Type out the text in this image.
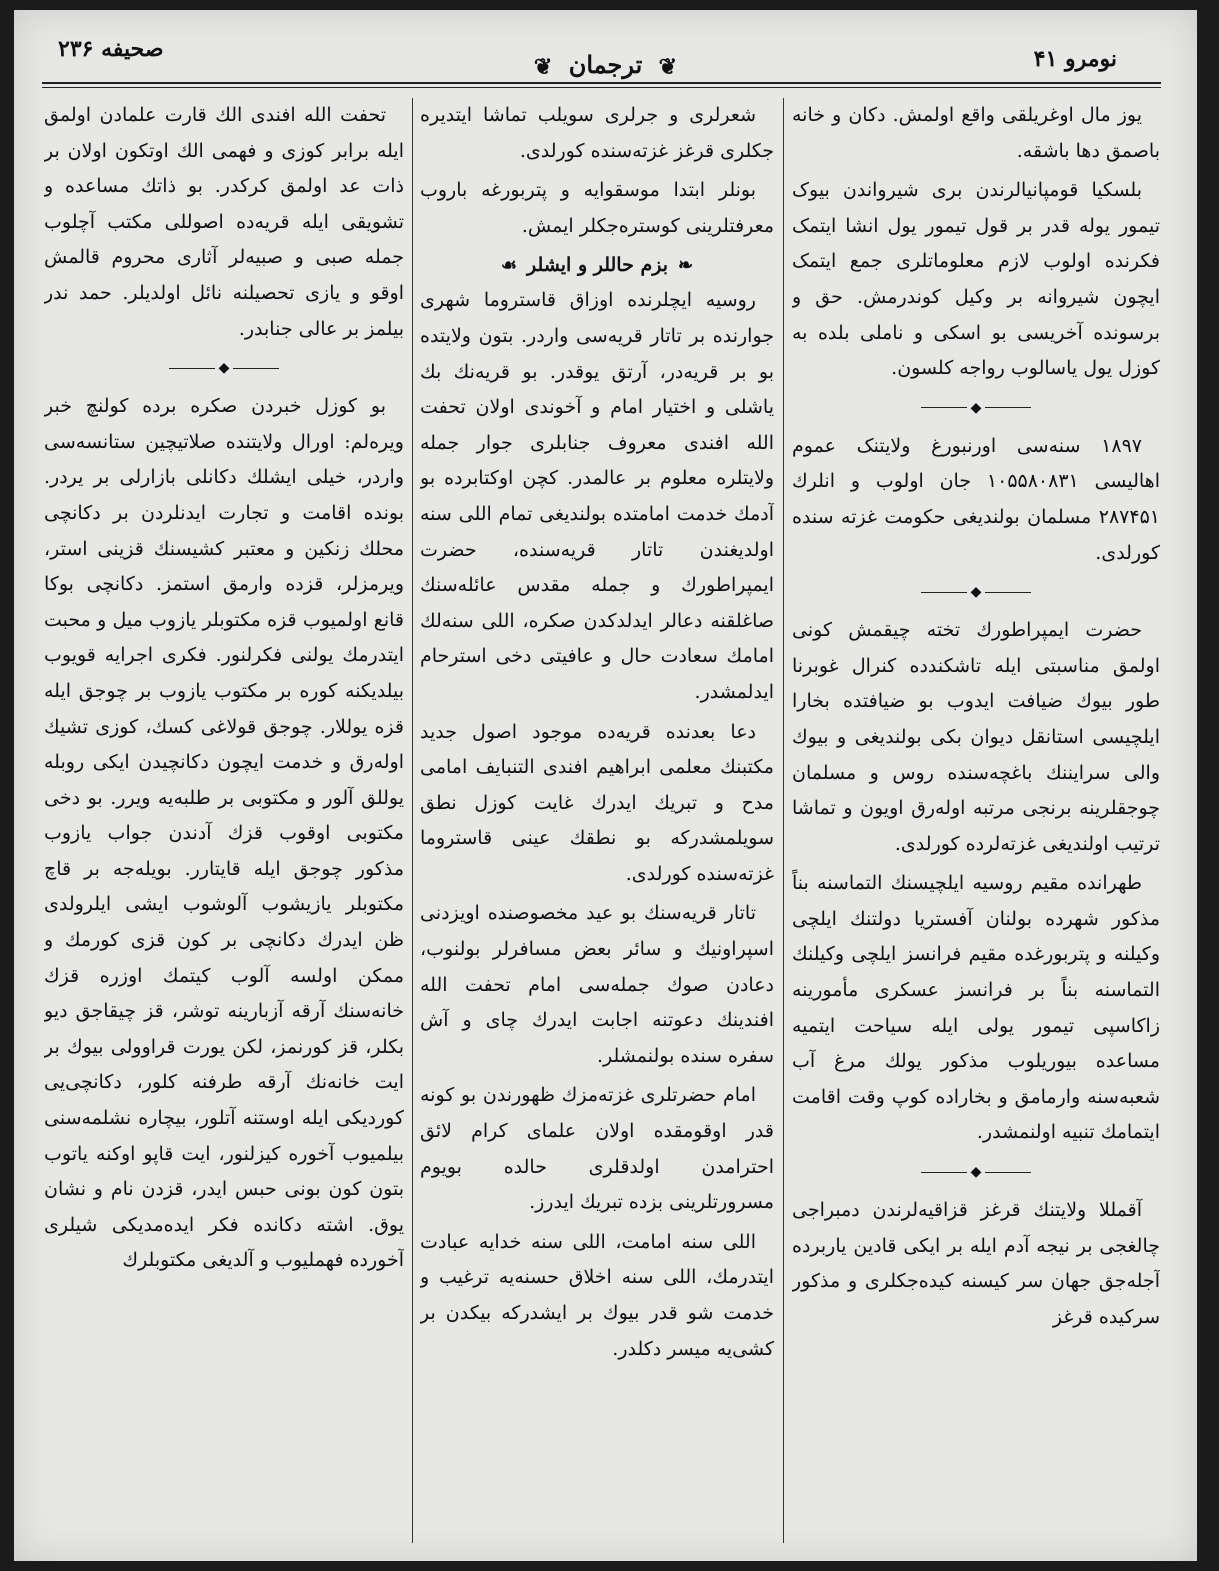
نومرو ۴۱
❦ ترجمان ❦
صحيفه ۲۳۶

یوز مال اوغریلقی واقع اولمش. دکان و خانه باصمق دها باشقه.

بلسکیا قومپانیالرندن بری شیرواندن بیوک تیمور یوله قدر بر قول تیمور یول انشا ایتمک فکرنده اولوب لازم معلوماتلری جمع ایتمک ایچون شیروانه بر وکیل کوندرمش. حق و برسونده آخریسی بو اسکی و ناملی بلده به کوزل یول یاسالوب رواجه کلسون.

◆

۱۸۹۷ سنه‌سی اورنبورغ ولایتنک عموم اهالیسی ۱۰۵۵۸۰۸۳۱ جان اولوب و انلرك ۲۸۷۴۵۱ مسلمان بولندیغی حکومت غزته سنده کورلدی.

◆

حضرت ایمپراطورك تخته چیقمش کونی اولمق مناسبتی ایله تاشکندده کنرال غوبرنا طور بیوك ضیافت ایدوب بو ضیافتده بخارا ایلچیسی استانقل دیوان بکی بولندیغی و بیوك والی سرایننك باغچه‌سنده روس و مسلمان چوجقلرینه برنجی مرتبه اولەرق اویون و تماشا ترتیب اولندیغی غزته‌لرده کورلدی.

طهرانده مقیم روسیه ایلچیسنك التماسنه بناً مذکور شهرده بولنان آفستریا دولتنك ایلچی وکیلنه و پتربورغده مقیم فرانسز ایلچی وکیلنك التماسنه بناً بر فرانسز عسکری مأمورینه زاکاسپی تیمور یولی ایله سیاحت ایتمیه مساعده بیوریلوب مذکور یولك مرغ آب شعبه‌سنه وارمامق و بخاراده کوپ وقت اقامت ایتمامك تنبیه اولنمشدر.

◆

آقمللا ولایتنك قرغز قزاقیه‌لرندن دمبراجی چالغجی بر نیجه آدم ایله بر ایکی قادین یاربرده آجله‌جق جهان سر کیسنه کیده‌جکلری و مذکور سرکیده قرغز

شعرلری و جرلری سویلب تماشا ایتدیره جکلری قرغز غزته‌سنده کورلدی.

بونلر ابتدا موسقوایه و پتربورغه باروب معرفتلرینی کوسترەجکلر ایمش.

❧بزم حاللر و ایشلر☙

روسیه ایچلرنده اوزاق قاستروما شهری جوارنده بر تاتار قریه‌سی واردر. بتون ولایتده بو بر قریه‌در، آرتق یوقدر. بو قریه‌نك بك یاشلی و اختیار امام و آخوندی اولان تحفت الله افندی معروف جنابلری جوار جمله ولایتلره معلوم بر عالمدر. کچن اوکتابرده بو آدمك خدمت امامتده بولندیغی تمام اللی سنه اولدیغندن تاتار قریه‌سنده، حضرت ایمپراطورك و جمله مقدس عائله‌سنك صاغلقنه دعالر ایدلدکدن صکره، اللی سنه‌لك امامك سعادت حال و عافیتی دخی استرحام ایدلمشدر.

دعا بعدنده قریه‌ده موجود اصول جدید مکتبنك معلمی ابراهیم افندی التنبایف امامی مدح و تبریك ایدرك غایت کوزل نطق سویلمشدرکه بو نطقك عینی قاستروما غزته‌سنده کورلدی.

تاتار قریه‌سنك بو عید مخصوصنده اویزدنی اسپراونیك و سائر بعض مسافرلر بولنوب، دعادن صوك جمله‌سی امام تحفت الله افندینك دعوتنه اجابت ایدرك چای و آش سفره سنده بولنمشلر.

امام حضرتلری غزته‌مزك ظهورندن بو کونه قدر اوقومقده اولان علمای کرام لائق احترامدن اولدقلری حالده بویوم مسرورتلرینی بزده تبریك ایدرز.

اللی سنه امامت، اللی سنه خدایه عبادت ایتدرمك، اللی سنه اخلاق حسنه‌یه ترغیب و خدمت شو قدر بیوك بر ایشدرکه بیکدن بر کشی‌یه میسر دکلدر.

تحفت الله افندی الك قارت علمادن اولمق ایله برابر کوزی و فهمی الك اوتکون اولان بر ذات عد اولمق کرکدر. بو ذاتك مساعده و تشویقی ایله قریه‌ده اصوللی مکتب آچلوب جمله صبی و صبیه‌لر آثاری محروم قالمش اوقو و یازی تحصیلنه نائل اولدیلر. حمد ندر بیلمز بر عالی جنابدر.

◆

بو کوزل خبردن صکره برده کولنچ خبر ویرەلم: اورال ولایتنده صلاتیچین ستانسه‌سی واردر، خیلی ایشلك دکانلی بازارلی بر یردر. بونده اقامت و تجارت ایدنلردن بر دکانچی محلك زنکین و معتبر کشیسنك قزینی استر، ویرمزلر، قزده وارمق استمز. دکانچی بوکا قانع اولمیوب قزه مکتوبلر یازوب میل و محبت ایتدرمك یولنی فکرلنور. فکری اجرایه قویوب بیلدیکنه کوره بر مکتوب یازوب بر چوجق ایله قزه یوللار. چوجق قولاغی کسك، کوزی تشیك اولەرق و خدمت ایچون دکانچیدن ایکی روبله یوللق آلور و مکتوبی بر طلبه‌یه ویرر. بو دخی مکتوبی اوقوب قزك آدندن جواب یازوب مذکور چوجق ایله قایتارر. بویله‌جه بر قاچ مکتوبلر یازیشوب آلوشوب ایشی ایلرولدی ظن ایدرك دکانچی بر کون قزی کورمك و ممکن اولسه آلوب کیتمك اوزره قزك خانه‌سنك آرقه آزبارینه توشر، قز چیقاجق دیو بکلر، قز کورنمز، لکن یورت قراوولی بیوك بر ایت خانه‌نك آرقه طرفنه کلور، دکانچی‌یی کوردیکی ایله اوستنه آتلور، بیچاره نشلمه‌سنی بیلمیوب آخوره کیزلنور، ایت قاپو اوکنه یاتوب بتون کون بونی حبس ایدر، قزدن نام و نشان یوق. اشته دکانده فکر ایدەمدیکی شیلری آخورده فهملیوب و آلدیغی مکتوبلرك
